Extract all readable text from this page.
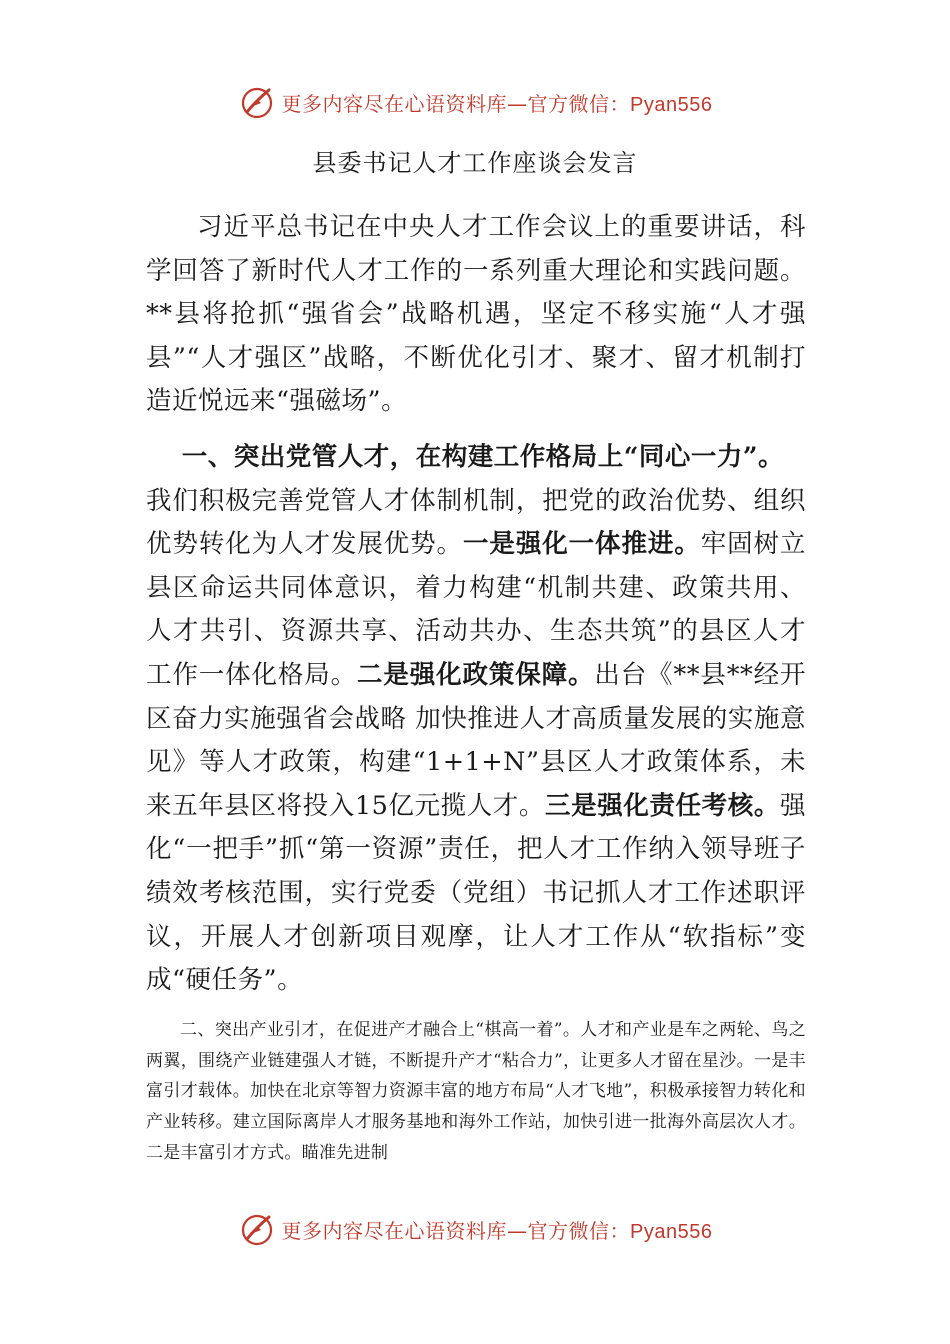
更多内容尽在心语资料库—官方微信：Pyan556
县委书记人才工作座谈会发言

习近平总书记在中央人才工作会议上的重要讲话，科学回答了新时代人才工作的一系列重大理论和实践问题。**县将抢抓“强省会”战略机遇，坚定不移实施“人才强县”“人才强区”战略，不断优化引才、聚才、留才机制打造近悦远来“强磁场”。

一、突出党管人才，在构建工作格局上“同心一力”。
我们积极完善党管人才体制机制，把党的政治优势、组织优势转化为人才发展优势。一是强化一体推进。牢固树立县区命运共同体意识，着力构建“机制共建、政策共用、人才共引、资源共享、活动共办、生态共筑”的县区人才工作一体化格局。二是强化政策保障。出台《**县**经开区奋力实施强省会战略 加快推进人才高质量发展的实施意见》等人才政策，构建“1+1+N”县区人才政策体系，未来五年县区将投入15亿元揽人才。三是强化责任考核。强化“一把手”抓“第一资源”责任，把人才工作纳入领导班子绩效考核范围，实行党委（党组）书记抓人才工作述职评议，开展人才创新项目观摩，让人才工作从“软指标”变成“硬任务”。

二、突出产业引才，在促进产才融合上“棋高一着”。人才和产业是车之两轮、鸟之两翼，围绕产业链建强人才链，不断提升产才“粘合力”，让更多人才留在星沙。一是丰富引才载体。加快在北京等智力资源丰富的地方布局“人才飞地”，积极承接智力转化和产业转移。建立国际离岸人才服务基地和海外工作站，加快引进一批海外高层次人才。二是丰富引才方式。瞄准先进制

更多内容尽在心语资料库—官方微信：Pyan556
